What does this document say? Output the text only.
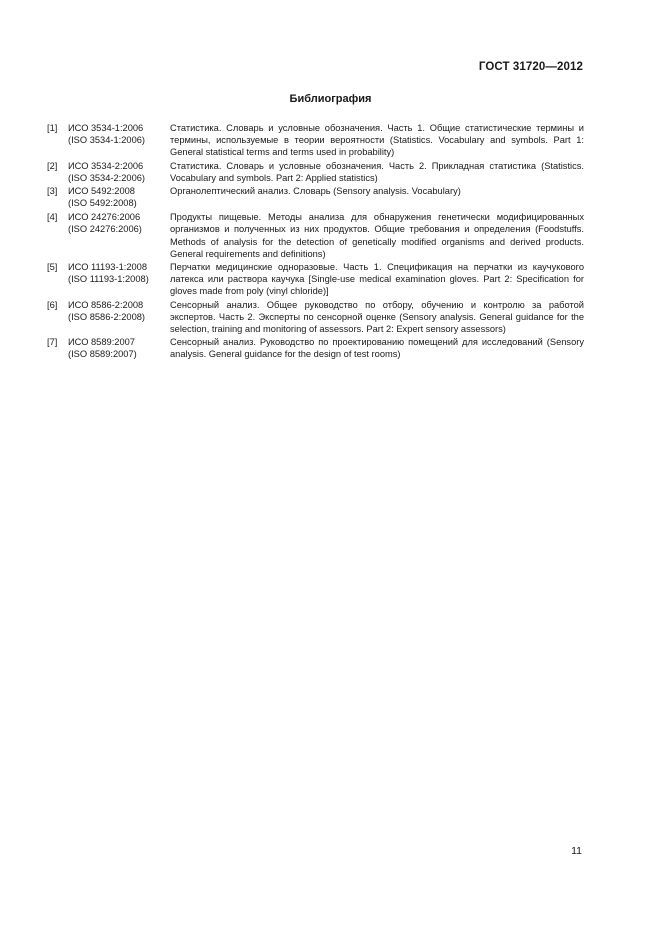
ГОСТ 31720—2012
Библиография
[1] ИСО 3534-1:2006
(ISO 3534-1:2006)
Статистика. Словарь и условные обозначения. Часть 1. Общие статистические термины и термины, используемые в теории вероятности (Statistics. Vocabulary and symbols. Part 1: General statistical terms and terms used in probability)
[2] ИСО 3534-2:2006
(ISO 3534-2:2006)
Статистика. Словарь и условные обозначения. Часть 2. Прикладная статистика (Statistics. Vocabulary and symbols. Part 2: Applied statistics)
[3] ИСО 5492:2008
(ISO 5492:2008)
Органолептический анализ. Словарь (Sensory analysis. Vocabulary)
[4] ИСО 24276:2006
(ISO 24276:2006)
Продукты пищевые. Методы анализа для обнаружения генетически модифицированных организмов и полученных из них продуктов. Общие требования и определения (Foodstuffs. Methods of analysis for the detection of genetically modified organisms and derived products. General requirements and definitions)
[5] ИСО 11193-1:2008
(ISO 11193-1:2008)
Перчатки медицинские одноразовые. Часть 1. Спецификация на перчатки из каучукового латекса или раствора каучука [Single-use medical examination gloves. Part 2: Specification for gloves made from poly (vinyl chloride)]
[6] ИСО 8586-2:2008
(ISO 8586-2:2008)
Сенсорный анализ. Общее руководство по отбору, обучению и контролю за работой экспертов. Часть 2. Эксперты по сенсорной оценке (Sensory analysis. General guidance for the selection, training and monitoring of assessors. Part 2: Expert sensory assessors)
[7] ИСО 8589:2007
(ISO 8589:2007)
Сенсорный анализ. Руководство по проектированию помещений для исследований (Sensory analysis. General guidance for the design of test rooms)
11
